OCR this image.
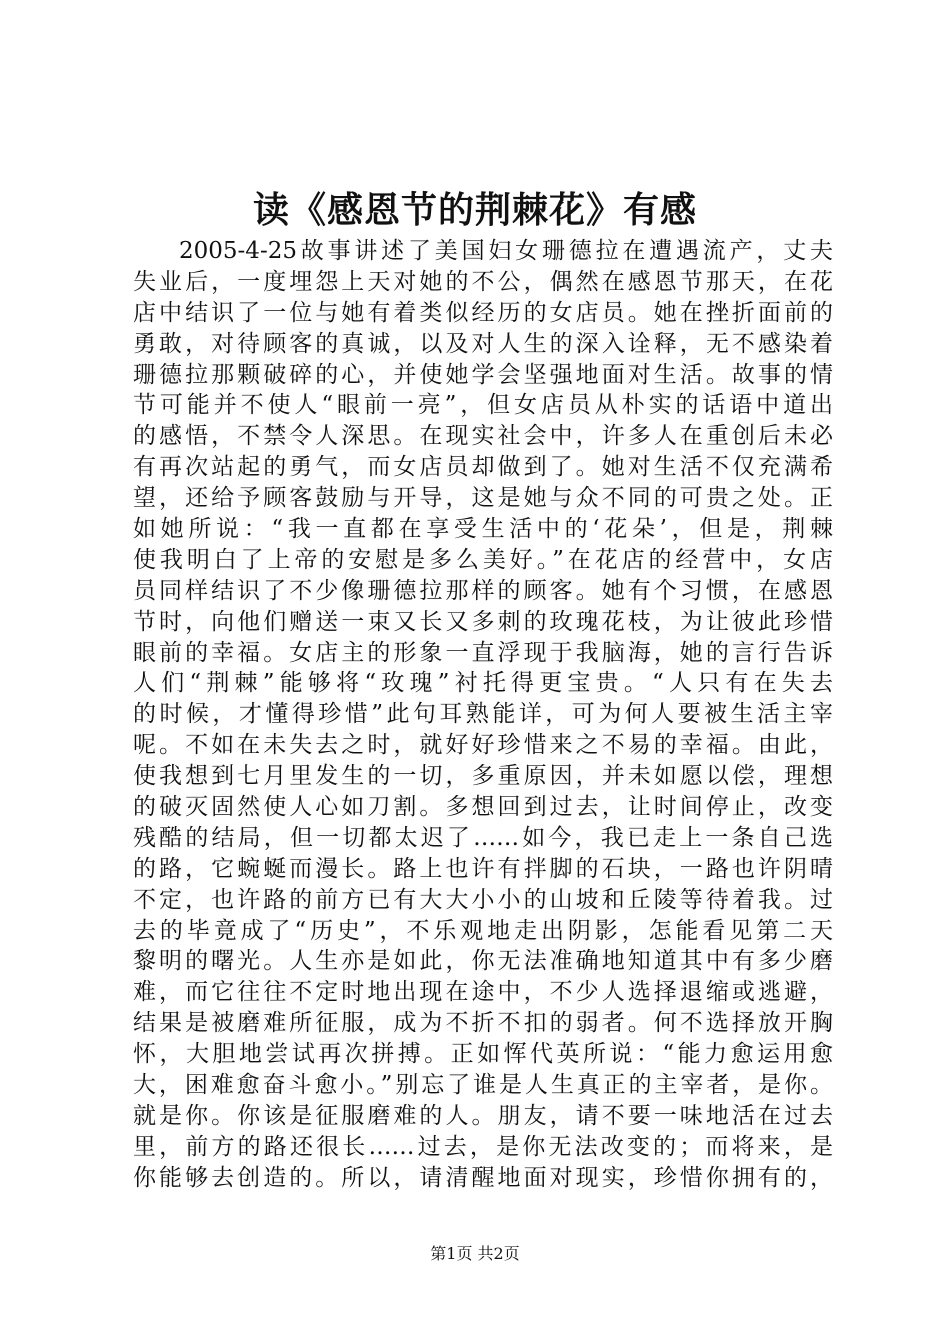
读《感恩节的荆棘花》有感
2005-4-25故事讲述了美国妇女珊德拉在遭遇流产，丈夫
失业后，一度埋怨上天对她的不公，偶然在感恩节那天，在花
店中结识了一位与她有着类似经历的女店员。她在挫折面前的
勇敢，对待顾客的真诚，以及对人生的深入诠释，无不感染着
珊德拉那颗破碎的心，并使她学会坚强地面对生活。故事的情
节可能并不使人“眼前一亮”，但女店员从朴实的话语中道出
的感悟，不禁令人深思。在现实社会中，许多人在重创后未必
有再次站起的勇气，而女店员却做到了。她对生活不仅充满希
望，还给予顾客鼓励与开导，这是她与众不同的可贵之处。正
如她所说：“我一直都在享受生活中的‘花朵’，但是，荆棘
使我明白了上帝的安慰是多么美好。”在花店的经营中，女店
员同样结识了不少像珊德拉那样的顾客。她有个习惯，在感恩
节时，向他们赠送一束又长又多刺的玫瑰花枝，为让彼此珍惜
眼前的幸福。女店主的形象一直浮现于我脑海，她的言行告诉
人们“荆棘”能够将“玫瑰”衬托得更宝贵。“人只有在失去
的时候，才懂得珍惜”此句耳熟能详，可为何人要被生活主宰
呢。不如在未失去之时，就好好珍惜来之不易的幸福。由此，
使我想到七月里发生的一切，多重原因，并未如愿以偿，理想
的破灭固然使人心如刀割。多想回到过去，让时间停止，改变
残酷的结局，但一切都太迟了……如今，我已走上一条自己选
的路，它蜿蜒而漫长。路上也许有拌脚的石块，一路也许阴晴
不定，也许路的前方已有大大小小的山坡和丘陵等待着我。过
去的毕竟成了“历史”，不乐观地走出阴影，怎能看见第二天
黎明的曙光。人生亦是如此，你无法准确地知道其中有多少磨
难，而它往往不定时地出现在途中，不少人选择退缩或逃避，
结果是被磨难所征服，成为不折不扣的弱者。何不选择放开胸
怀，大胆地尝试再次拼搏。正如恽代英所说：“能力愈运用愈
大，困难愈奋斗愈小。”别忘了谁是人生真正的主宰者，是你。
就是你。你该是征服磨难的人。朋友，请不要一味地活在过去
里，前方的路还很长……过去，是你无法改变的；而将来，是
你能够去创造的。所以，请清醒地面对现实，珍惜你拥有的，
第1页 共2页
